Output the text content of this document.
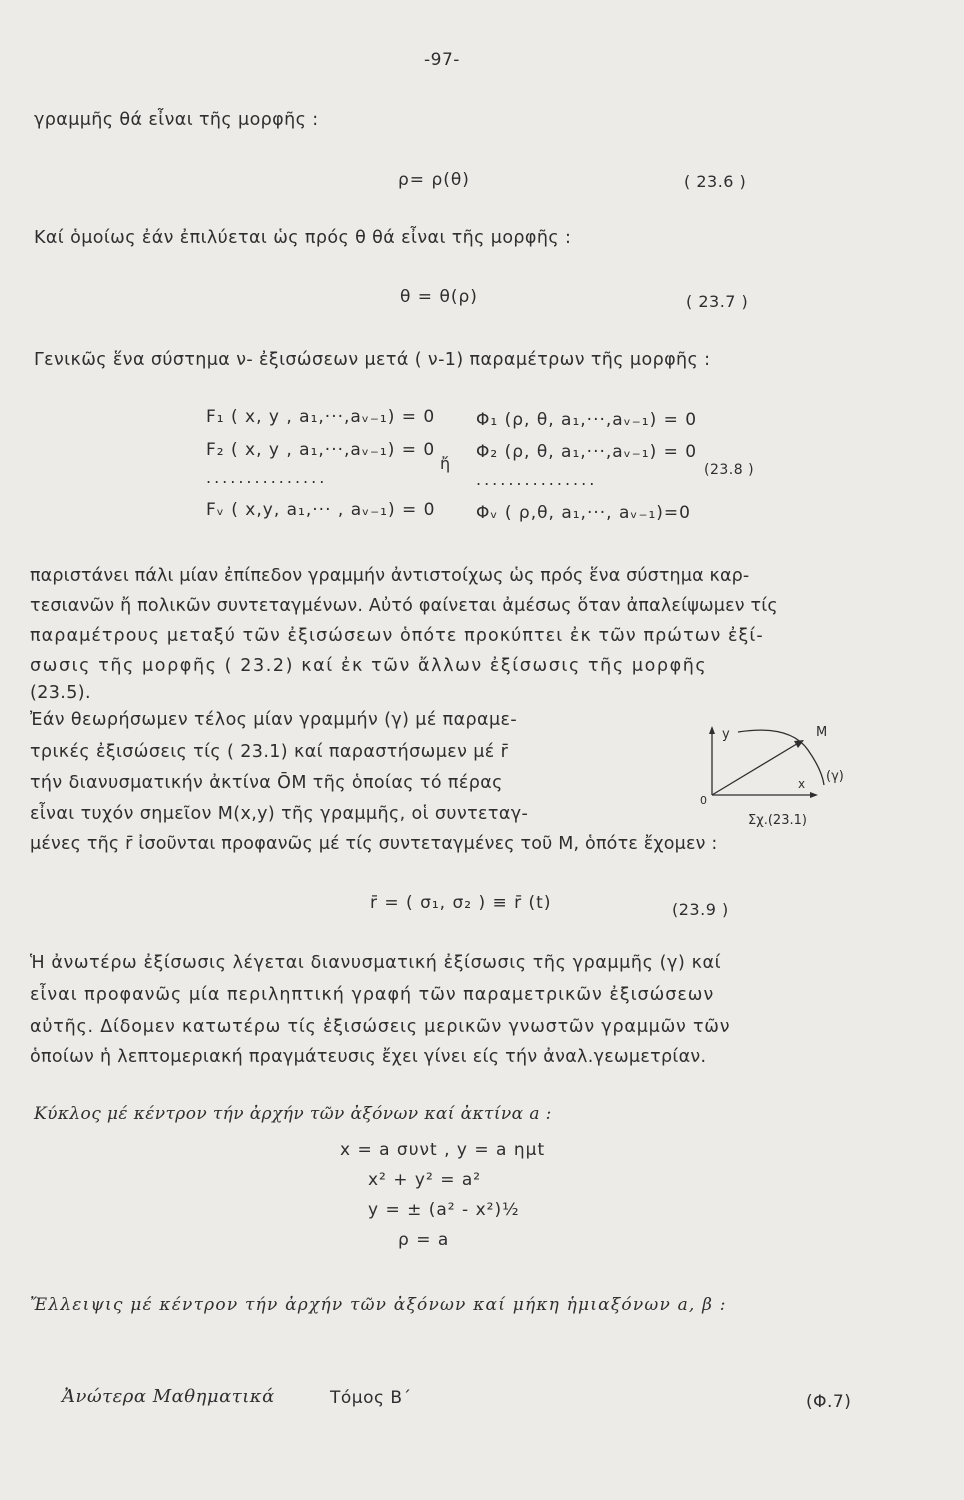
-97-
γραμμῆς θά εἶναι τῆς μορφῆς :
ρ= ρ(θ)	( 23.6 )
Καί ὁμοίως ἐάν ἐπιλύεται ὡς πρός θ θά εἶναι τῆς μορφῆς :
θ = θ(ρ)	( 23.7 )
Γενικῶς ἕνα σύστημα ν- ἐξισώσεων μετά ( ν-1) παραμέτρων τῆς μορφῆς :
F₁ ( x, y , a₁,···,aᵥ₋₁) = 0
F₂ ( x, y , a₁,···,aᵥ₋₁) = 0
...............
Fᵥ ( x,y, a₁,··· , aᵥ₋₁) = 0
ἤ
Φ₁ (ρ, θ, a₁,···,aᵥ₋₁) = 0
Φ₂ (ρ, θ, a₁,···,aᵥ₋₁) = 0
...............
Φᵥ ( ρ,θ, a₁,···, aᵥ₋₁)=0
(23.8 )
παριστάνει πάλι μίαν ἐπίπεδον γραμμήν ἀντιστοίχως ὡς πρός ἕνα σύστημα καρ-
τεσιανῶν ἤ πολικῶν συντεταγμένων. Αὐτό φαίνεται ἀμέσως ὅταν ἀπαλείψωμεν τίς
παραμέτρους μεταξύ τῶν ἐξισώσεων ὁπότε προκύπτει ἐκ τῶν πρώτων ἐξί-
σωσις τῆς μορφῆς ( 23.2) καί ἐκ τῶν ἄλλων ἐξίσωσις τῆς μορφῆς
(23.5).
Ἐάν θεωρήσωμεν τέλος μίαν γραμμήν (γ) μέ παραμε-
τρικές ἐξισώσεις τίς ( 23.1) καί παραστήσωμεν μέ r̄
τήν διανυσματικήν ἀκτίνα ŌM τῆς ὁποίας τό πέρας
εἶναι τυχόν σημεῖον M(x,y) τῆς γραμμῆς, οἱ συντεταγ-
μένες τῆς r̄ ἰσοῦνται προφανῶς μέ τίς συντεταγμένες τοῦ M, ὁπότε ἔχομεν :
y
x
0
M
(γ)
Σχ.(23.1)
r̄ = ( σ₁, σ₂ ) ≡ r̄ (t)	(23.9 )
Ἡ ἀνωτέρω ἐξίσωσις λέγεται διανυσματική ἐξίσωσις τῆς γραμμῆς (γ) καί
εἶναι προφανῶς μία περιληπτική γραφή τῶν παραμετρικῶν ἐξισώσεων
αὐτῆς. Δίδομεν κατωτέρω τίς ἐξισώσεις μερικῶν γνωστῶν γραμμῶν τῶν
ὁποίων ἡ λεπτομεριακή πραγμάτευσις ἔχει γίνει είς τήν ἀναλ.γεωμετρίαν.
Κύκλος μέ κέντρον τήν ἀρχήν τῶν ἀξόνων καί ἀκτίνα a :
x = a συνt , y = a ημt
x² + y² = a²
y = ± (a² - x²)½
ρ = a
Ἔλλειψις μέ κέντρον τήν ἀρχήν τῶν ἀξόνων καί μήκη ἡμιαξόνων a, β :
Ἀνώτερα Μαθηματικά	Τόμος Β΄	(Φ.7)
